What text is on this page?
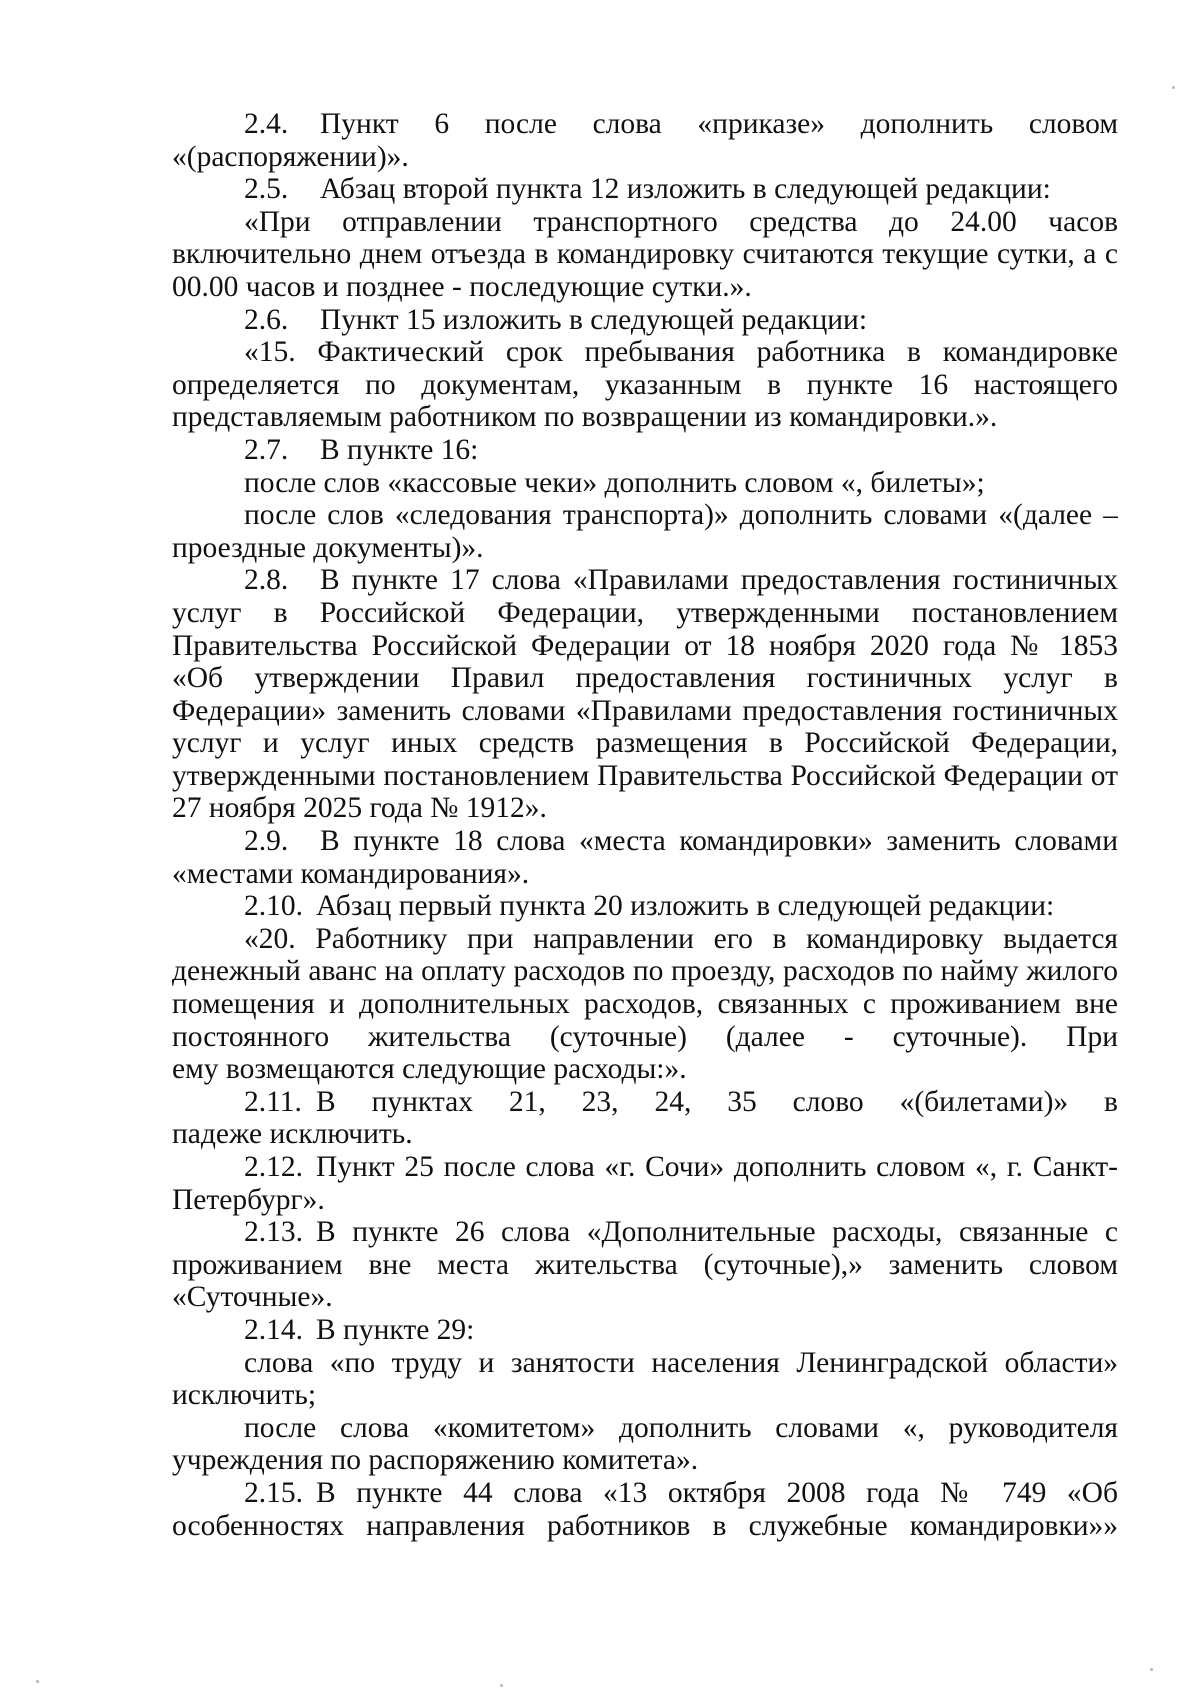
2.4. Пункт 6 после слова «приказе» дополнить словом
«(распоряжении)».
2.5. Абзац второй пункта 12 изложить в следующей редакции:
«При отправлении транспортного средства до 24.00 часов
включительно днем отъезда в командировку считаются текущие сутки, а с
00.00 часов и позднее - последующие сутки.».
2.6. Пункт 15 изложить в следующей редакции:
«15. Фактический срок пребывания работника в командировке
определяется по документам, указанным в пункте 16 настоящего
представляемым работником по возвращении из командировки.».
2.7. В пункте 16:
после слов «кассовые чеки» дополнить словом «, билеты»;
после слов «следования транспорта)» дополнить словами «(далее –
проездные документы)».
2.8. В пункте 17 слова «Правилами предоставления гостиничных
услуг в Российской Федерации, утвержденными постановлением
Правительства Российской Федерации от 18 ноября 2020 года № 1853
«Об утверждении Правил предоставления гостиничных услуг в
Федерации» заменить словами «Правилами предоставления гостиничных
услуг и услуг иных средств размещения в Российской Федерации,
утвержденными постановлением Правительства Российской Федерации от
27 ноября 2025 года № 1912».
2.9. В пункте 18 слова «места командировки» заменить словами
«местами командирования».
2.10. Абзац первый пункта 20 изложить в следующей редакции:
«20. Работнику при направлении его в командировку выдается
денежный аванс на оплату расходов по проезду, расходов по найму жилого
помещения и дополнительных расходов, связанных с проживанием вне
постоянного жительства (суточные) (далее - суточные). При
ему возмещаются следующие расходы:».
2.11. В пунктах 21, 23, 24, 35 слово «(билетами)» в
падеже исключить.
2.12. Пункт 25 после слова «г. Сочи» дополнить словом «, г. Санкт-
Петербург».
2.13. В пункте 26 слова «Дополнительные расходы, связанные с
проживанием вне места жительства (суточные),» заменить словом
«Суточные».
2.14. В пункте 29:
слова «по труду и занятости населения Ленинградской области»
исключить;
после слова «комитетом» дополнить словами «, руководителя
учреждения по распоряжению комитета».
2.15. В пункте 44 слова «13 октября 2008 года № 749 «Об
особенностях направления работников в служебные командировки»»
